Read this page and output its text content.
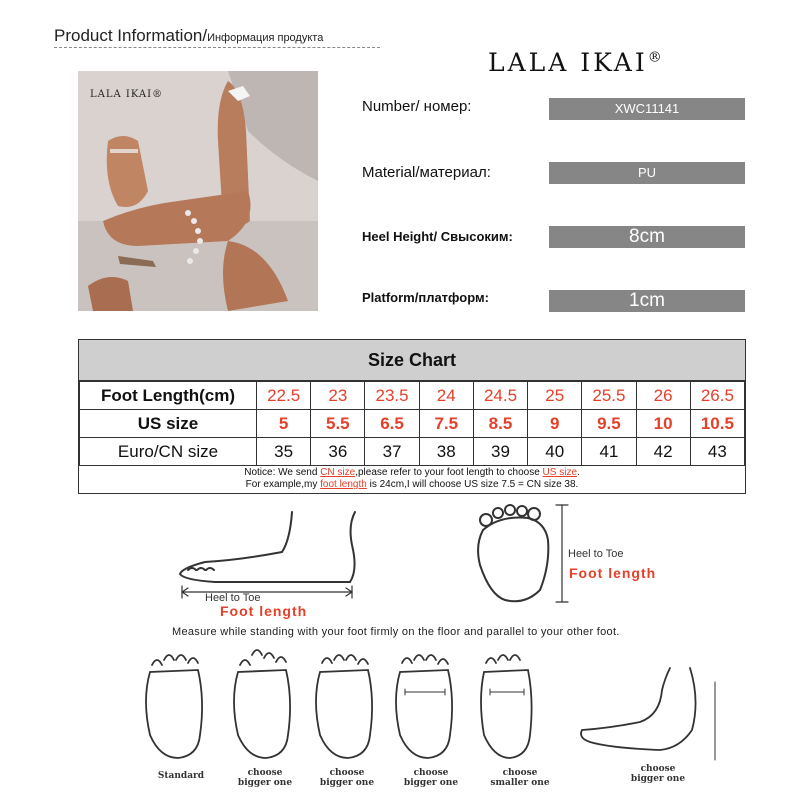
Product Information/Информация продукта
LALA IKAI®
LALA IKAI®
Number/ номер:	XWC11141
Material/материал:	PU
Heel Height/ Свысоким:	8cm
Platform/платформ:	1cm
Size Chart
Foot Length(cm)	22.5	23	23.5	24	24.5	25	25.5	26	26.5
US size	5	5.5	6.5	7.5	8.5	9	9.5	10	10.5
Euro/CN size	35	36	37	38	39	40	41	42	43
Notice: We send CN size,please refer to your foot length to choose US size.
For example,my foot length is 24cm,I will choose US size 7.5 = CN size 38.
Heel to Toe
Foot length
Heel to Toe
Foot length
Measure while standing with your foot firmly on the floor and parallel to your other foot.
Standard	choose
bigger one
choose
bigger one
choose
bigger one
choose
smaller one
choose
bigger one
